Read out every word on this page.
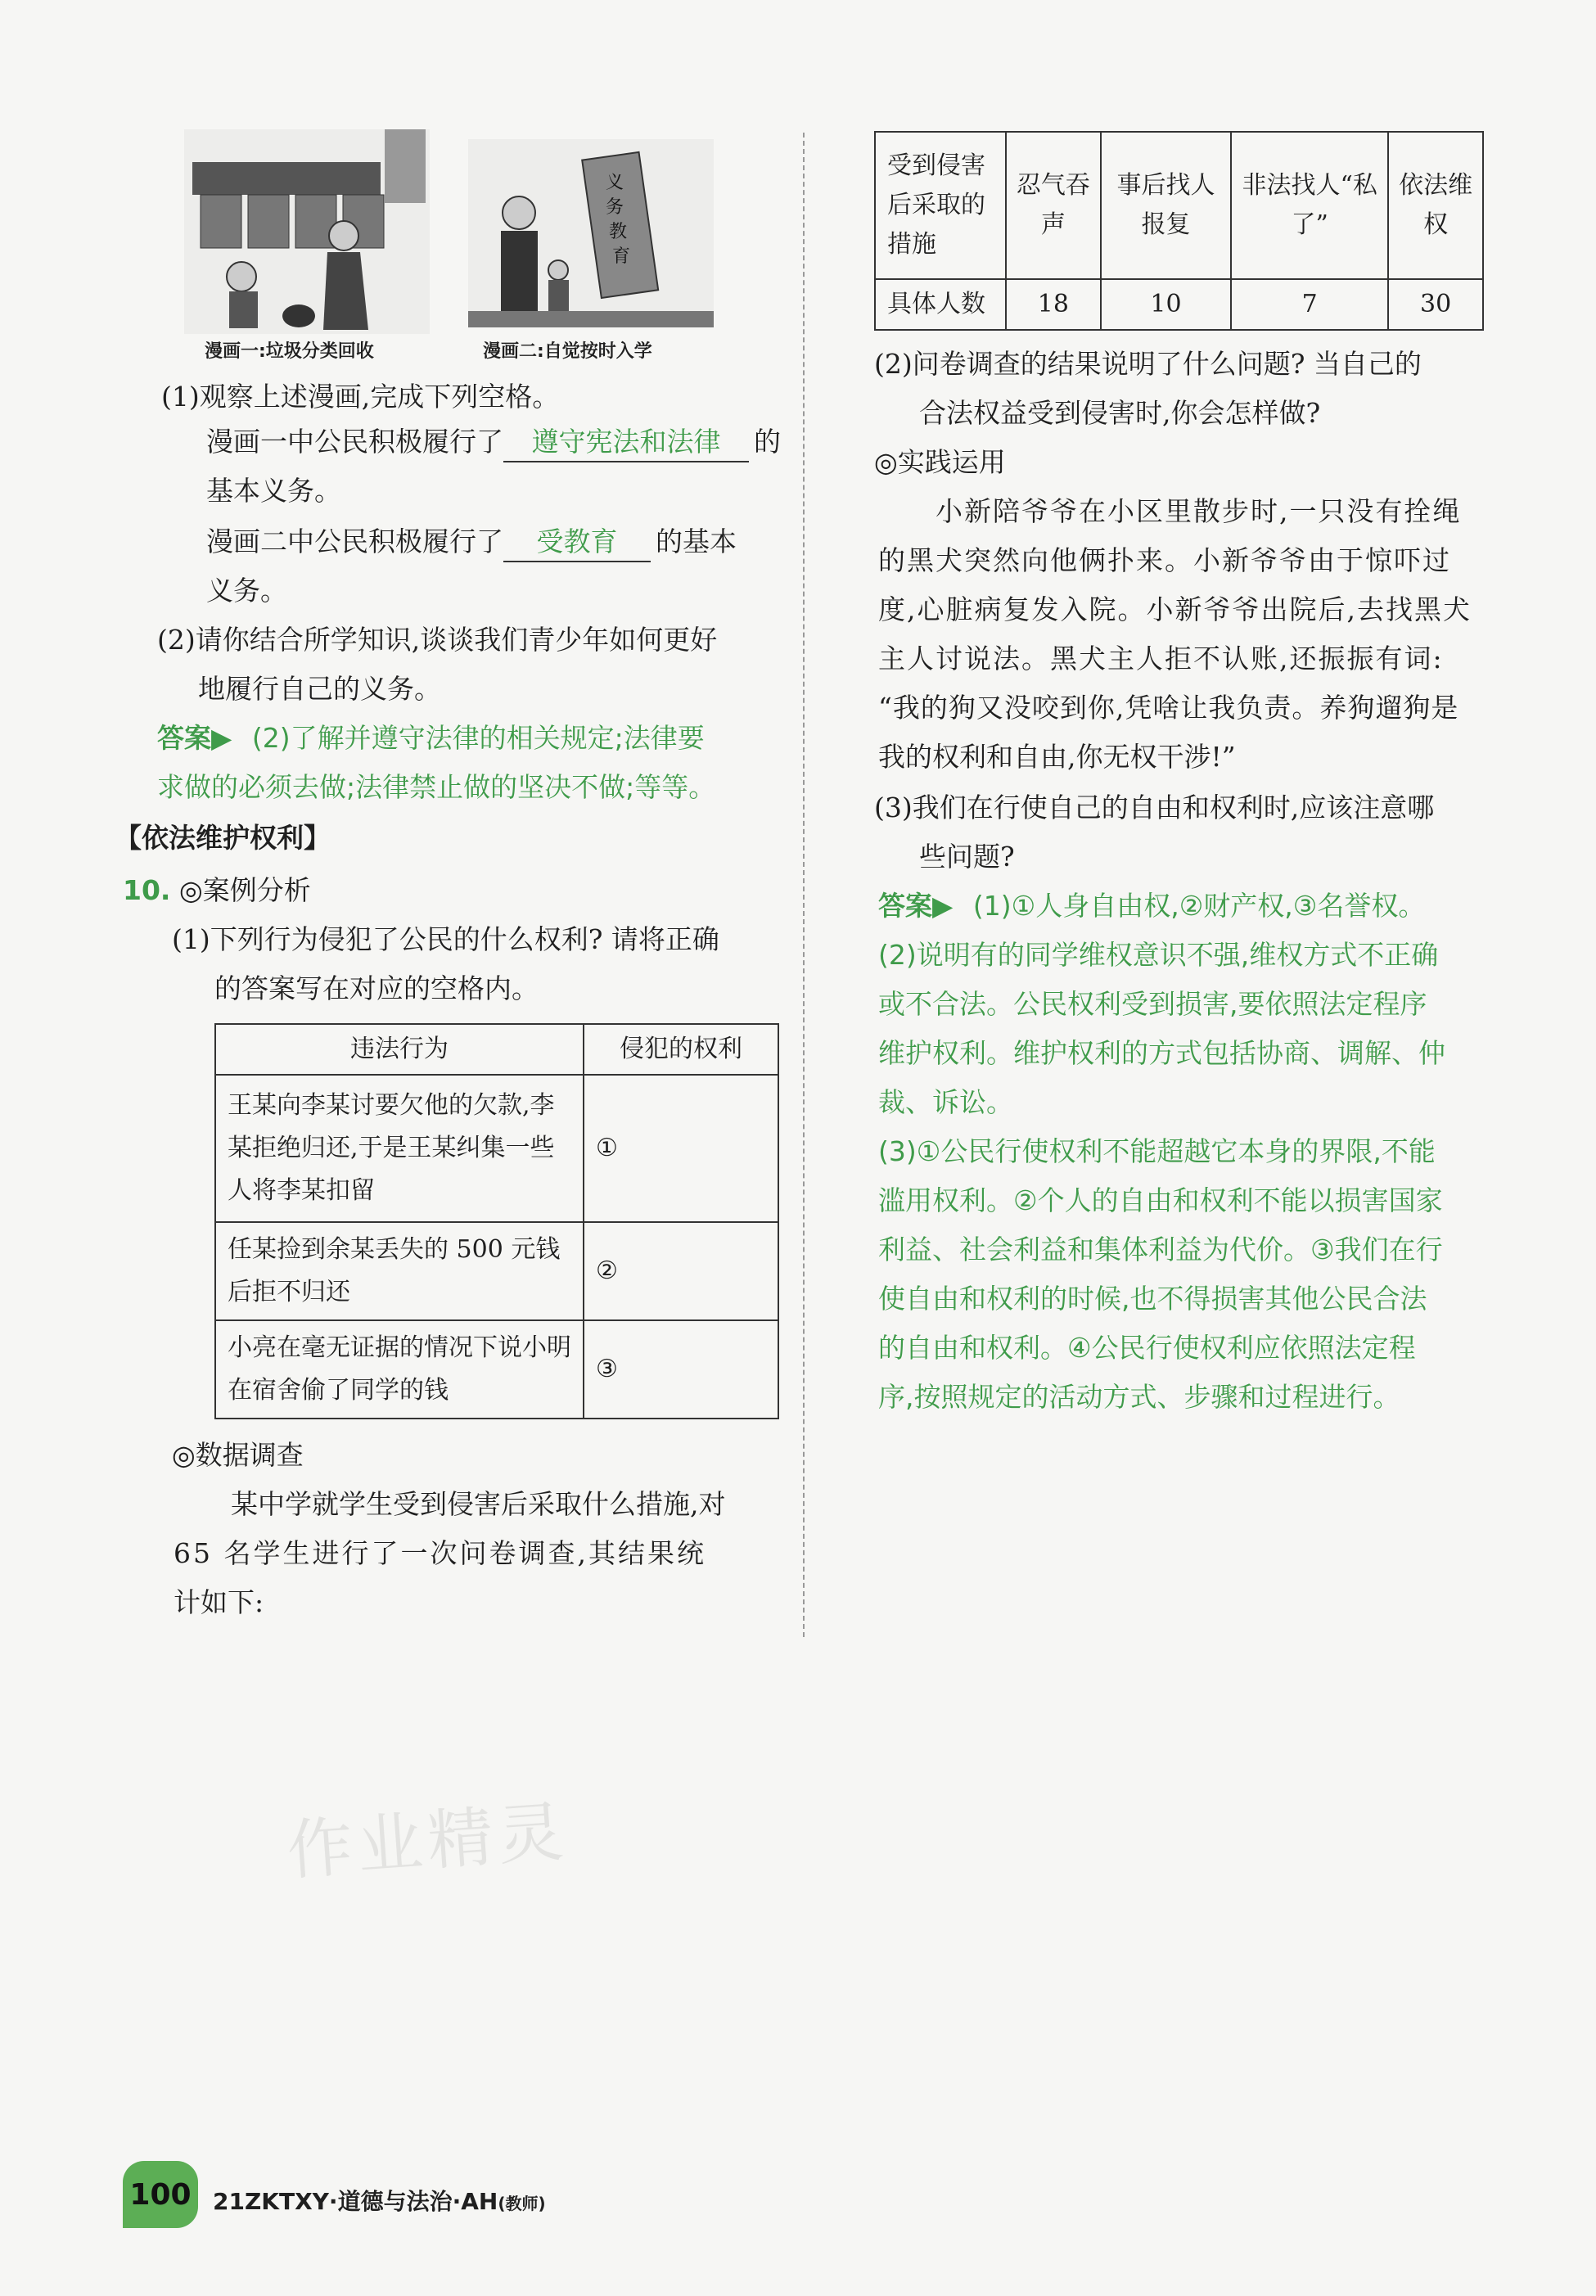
漫画一:垃圾分类回收
义
务
教
育
漫画二:自觉按时入学
(1)观察上述漫画,完成下列空格。
漫画一中公民积极履行了 遵守宪法和法律 的
基本义务。
漫画二中公民积极履行了 受教育 的基本
义务。
(2)请你结合所学知识,谈谈我们青少年如何更好
地履行自己的义务。
答案▶ (2)了解并遵守法律的相关规定;法律要
求做的必须去做;法律禁止做的坚决不做;等等。
【依法维护权利】
10. ◎案例分析
(1)下列行为侵犯了公民的什么权利? 请将正确
的答案写在对应的空格内。
违法行为	侵犯的权利
王某向李某讨要欠他的欠款,李某拒绝归还,于是王某纠集一些人将李某扣留	①
任某捡到余某丢失的 500 元钱后拒不归还	②
小亮在毫无证据的情况下说小明在宿舍偷了同学的钱	③
◎数据调查
某中学就学生受到侵害后采取什么措施,对
65 名学生进行了一次问卷调查,其结果统
计如下:
受到侵害后采取的措施	忍气吞声	事后找人报复	非法找人“私了”	依法维权
具体人数	18	10	7	30
(2)问卷调查的结果说明了什么问题? 当自己的
合法权益受到侵害时,你会怎样做?
◎实践运用
小新陪爷爷在小区里散步时,一只没有拴绳
的黑犬突然向他俩扑来。小新爷爷由于惊吓过
度,心脏病复发入院。小新爷爷出院后,去找黑犬
主人讨说法。黑犬主人拒不认账,还振振有词:
“我的狗又没咬到你,凭啥让我负责。养狗遛狗是
我的权利和自由,你无权干涉!”
(3)我们在行使自己的自由和权利时,应该注意哪
些问题?
答案▶ (1)①人身自由权,②财产权,③名誉权。
(2)说明有的同学维权意识不强,维权方式不正确
或不合法。公民权利受到损害,要依照法定程序
维护权利。维护权利的方式包括协商、调解、仲
裁、诉讼。
(3)①公民行使权利不能超越它本身的界限,不能
滥用权利。②个人的自由和权利不能以损害国家
利益、社会利益和集体利益为代价。③我们在行
使自由和权利的时候,也不得损害其他公民合法
的自由和权利。④公民行使权利应依照法定程
序,按照规定的活动方式、步骤和过程进行。
作业精灵
100 21ZKTXY·道德与法治·AH(教师)
